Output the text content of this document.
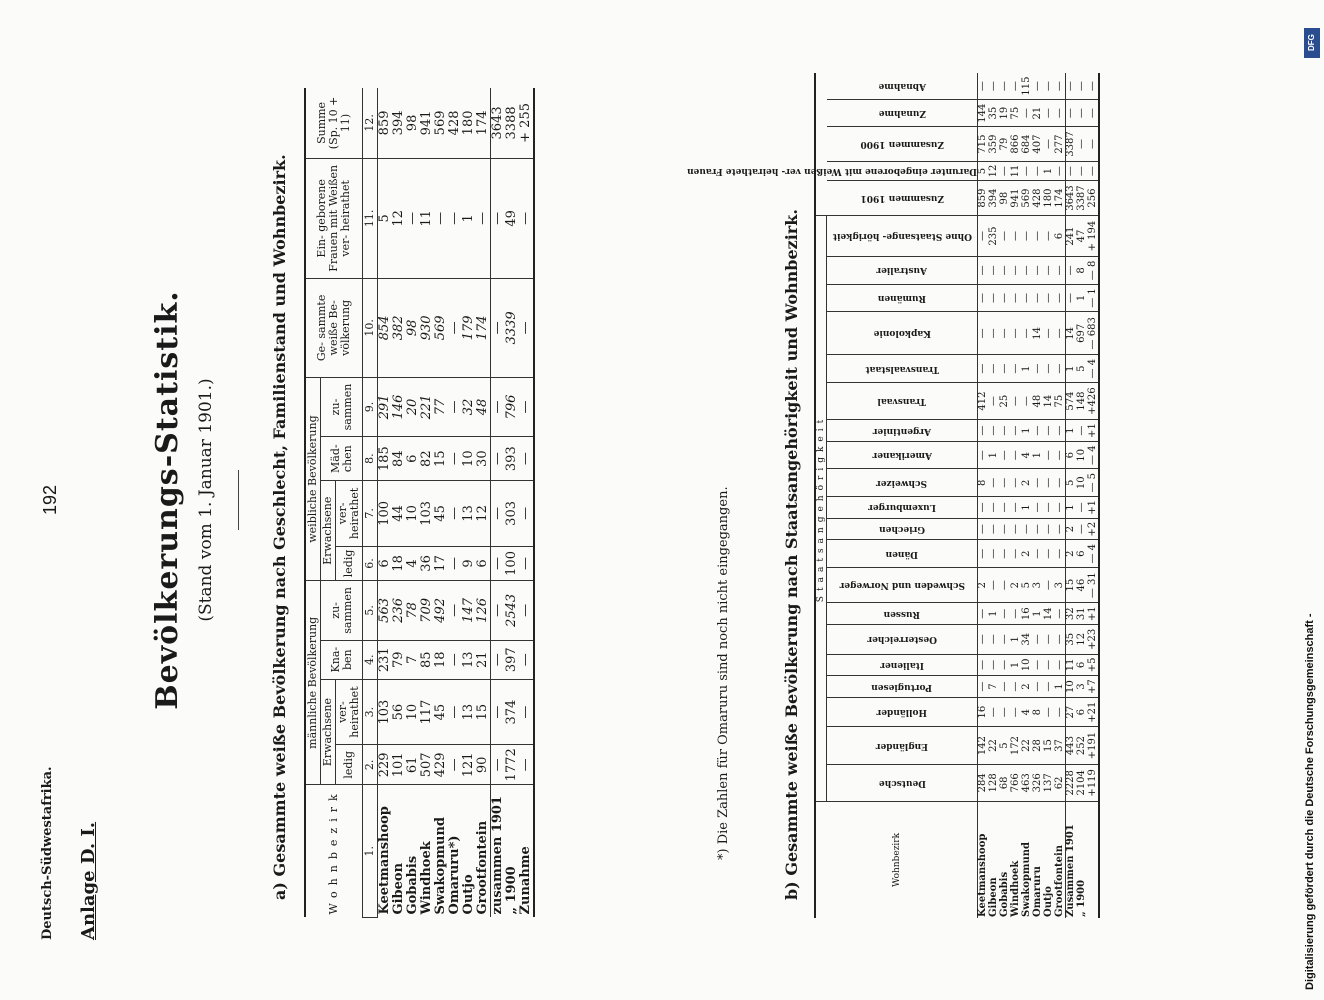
Deutsch-Südwestafrika.
192
Anlage D. I.
Bevölkerungs-Statistik. (Stand vom 1. Januar 1901.)	a) Gesammte weiße Bevölkerung nach Geschlecht, Familienstand und Wohnbezirk.	Wohnbezirk	männliche Bevölkerung				weibliche Bevölkerung				Ge- sammte weiße Be- völkerung	Ein- geborene Frauen mit Weißen ver- heirathet	Summe (Sp. 10 + 11)
	Erwachsene		Kna- ben	zu- sammen	Erwachsene		Mäd- chen	zu- sammen			
	ledig	ver- heirathet			ledig	ver- heirathet					
1.	2.	3.	4.	5.	6.	7.	8.	9.	10.	11.	12.
Keetmanshoop	229	103	231	563	6	100	185	291	854	5	859
Gibeon	101	56	79	236	18	44	84	146	382	12	394
Gobabis	61	10	7	78	4	10	6	20	98	—	98
Windhoek	507	117	85	709	36	103	82	221	930	11	941
Swakopmund	429	45	18	492	17	45	15	77	569	—	569
Omaruru*)	—	—	—	—	—	—	—	—	—	—	428
Outjo	121	13	13	147	9	13	10	32	179	1	180
Grootfontein	90	15	21	126	6	12	30	48	174	—	174
zusammen 1901	—	—	—	—	—	—	—	—	—	—	3643
„ 1900	1772	374	397	2543	100	303	393	796	3339	49	3388
Zunahme	—	—	—	—	—	—	—	—	—	—	+ 255
*) Die Zahlen für Omaruru sind noch nicht eingegangen.	b) Gesammte weiße Bevölkerung nach Staatsangehörigkeit und Wohnbezirk.	Wohnbezirk	Staatsangehörigkeit																								

	Deutsche	Engländer	Holländer	Portugiesen	Italiener	Oesterreicher	Russen	Schweden und Norweger	Dänen	Griechen	Luxemburger	Schweizer	Amerikaner	Argentinier	Transvaal	Transvaalstaat	Kapkolonie	Rumänen	Australier	Ohne Staatsange- hörigkeit	Zusammen 1901	Darunter eingeborene mit Weißen ver- heirathete Frauen	Zusammen 1900	Zunahme	Abnahme

Keetmanshoop	284	142	16	—	—	—	—	2	—	—	—	8	—	—	412	—	—	—	—	—	859	5	715	144	—
Gibeon	128	22	—	7	—	—	1	—	—	—	—	—	1	—	—	—	—	—	—	235	394	12	359	35	—
Gobabis	68	5	—	—	—	—	—	—	—	—	—	—	—	—	25	—	—	—	—	—	98	—	79	19	—
Windhoek	766	172	—	—	1	1	—	2	—	—	—	—	—	—	—	—	—	—	—	—	941	11	866	75	—
Swakopmund	463	22	4	2	10	34	16	5	2	—	1	2	4	1	—	1	—	—	—	—	569	—	684	—	115
Omaruru	326	28	8	—	—	—	1	3	—	—	—	—	1	—	48	—	14	—	—	—	428	—	407	21	—
Outjo	137	15	—	—	—	—	14	—	—	—	—	—	—	—	14	—	—	—	—	—	180	1	—	—	—
Grootfontein	62	37	—	1	—	—	—	3	—	—	—	—	—	—	75	—	—	—	—	6	174	—	277	—	—
Zusammen 1901	2228	443	27	10	11	35	32	15	2	2	1	5	6	1	574	1	14	—	—	241	3643	—	3387	—	—
„ 1900	2104	252	6	3	6	12	31	46	6	—	—	10	10	—	148	5	697	1	8	47	3387	—	—	—	—
	+119	+191	+21	+7	+5	+23	+1	— 31	— 4	+2	+1	— 5	— 4	+1	+426	— 4	— 683	— 1	— 8	+ 194	256	—	—	—	—
DFG
Digitalisierung gefördert durch die Deutsche Forschungsgemeinschaft -
